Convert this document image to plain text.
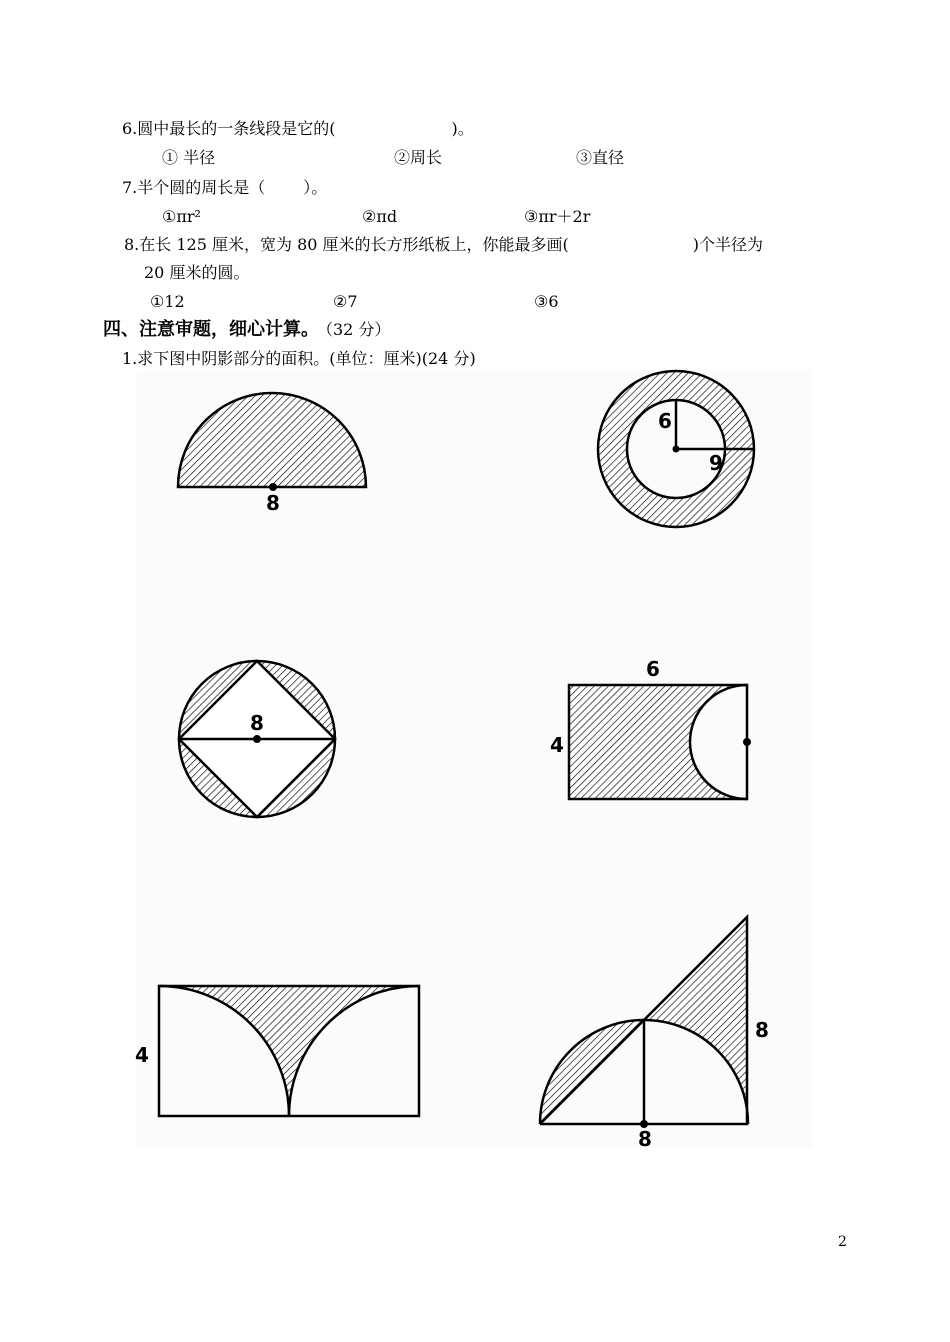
6.圆中最长的一条线段是它的(	)。
① 半径	②周长	③直径
7.半个圆的周长是（ ）。
①πr²	②πd	③πr＋2r
8.在长 125 厘米，宽为 80 厘米的长方形纸板上，你能最多画(	)个半径为
20 厘米的圆。
①12	②7	③6
四、注意审题，细心计算。 （32 分）
1.求下图中阴影部分的面积。(单位：厘米)(24 分)
8
6
9
8
6
4
4
8
8
2
